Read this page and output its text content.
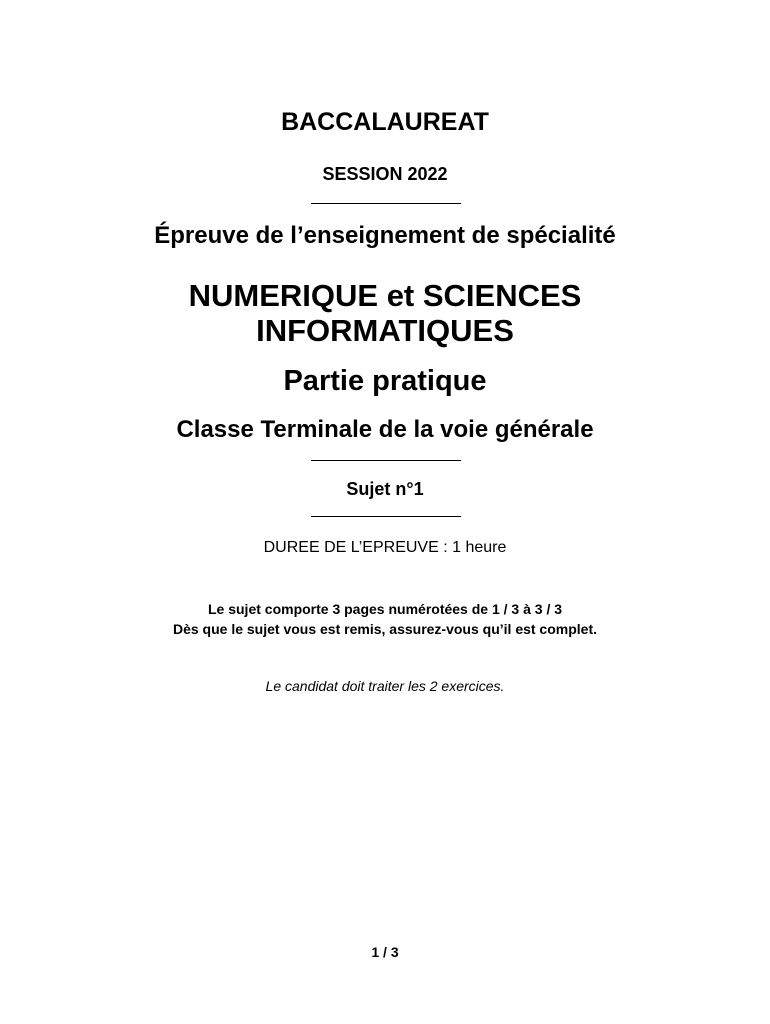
BACCALAUREAT
SESSION 2022
Épreuve de l’enseignement de spécialité
NUMERIQUE et SCIENCES
INFORMATIQUES
Partie pratique
Classe Terminale de la voie générale
Sujet n°1
DUREE DE L’EPREUVE : 1 heure
Le sujet comporte 3 pages numérotées de 1 / 3 à 3 / 3
Dès que le sujet vous est remis, assurez-vous qu’il est complet.
Le candidat doit traiter les 2 exercices.
1 / 3
